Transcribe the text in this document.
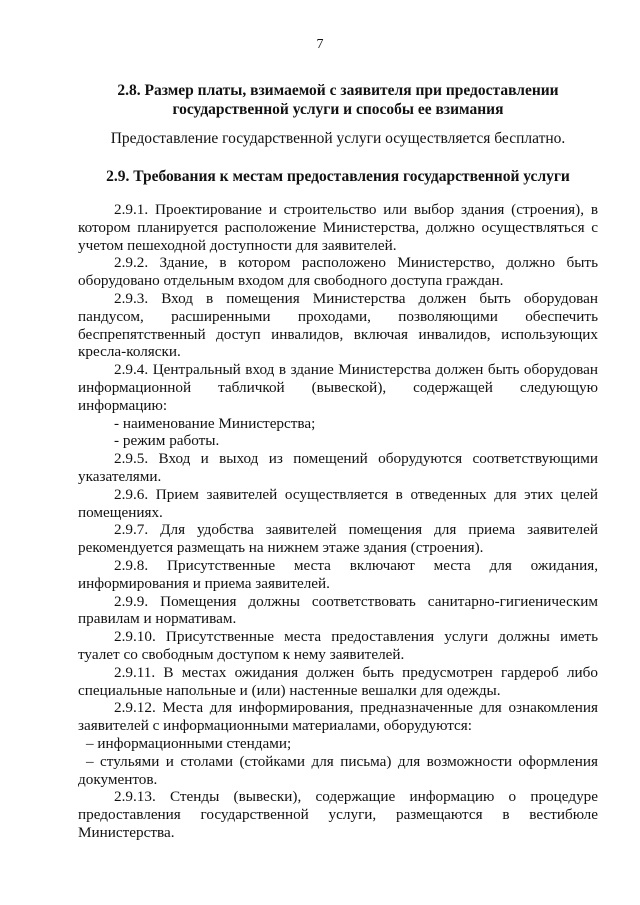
7
2.8. Размер платы, взимаемой с заявителя при предоставлении
государственной услуги и способы ее взимания
Предоставление государственной услуги осуществляется бесплатно.
2.9. Требования к местам предоставления государственной услуги

2.9.1. Проектирование и строительство или выбор здания (строения), в котором планируется расположение Министерства, должно осуществляться с учетом пешеходной доступности для заявителей.

2.9.2. Здание, в котором расположено Министерство, должно быть оборудовано отдельным входом для свободного доступа граждан.

2.9.3. Вход в помещения Министерства должен быть оборудован пандусом, расширенными проходами, позволяющими обеспечить беспрепятственный доступ инвалидов, включая инвалидов, использующих кресла-коляски.

2.9.4. Центральный вход в здание Министерства должен быть оборудован информационной табличкой (вывеской), содержащей следующую информацию:

- наименование Министерства;

- режим работы.

2.9.5. Вход и выход из помещений оборудуются соответствующими указателями.

2.9.6. Прием заявителей осуществляется в отведенных для этих целей помещениях.

2.9.7. Для удобства заявителей помещения для приема заявителей рекомендуется размещать на нижнем этаже здания (строения).

2.9.8. Присутственные места включают места для ожидания, информирования и приема заявителей.

2.9.9. Помещения должны соответствовать санитарно-гигиеническим правилам и нормативам.

2.9.10. Присутственные места предоставления услуги должны иметь туалет со свободным доступом к нему заявителей.

2.9.11. В местах ожидания должен быть предусмотрен гардероб либо специальные напольные и (или) настенные вешалки для одежды.

2.9.12. Места для информирования, предназначенные для ознакомления заявителей с информационными материалами, оборудуются:

– информационными стендами;

– стульями и столами (стойками для письма) для возможности оформления документов.

2.9.13. Стенды (вывески), содержащие информацию о процедуре предоставления государственной услуги, размещаются в вестибюле Министерства.
